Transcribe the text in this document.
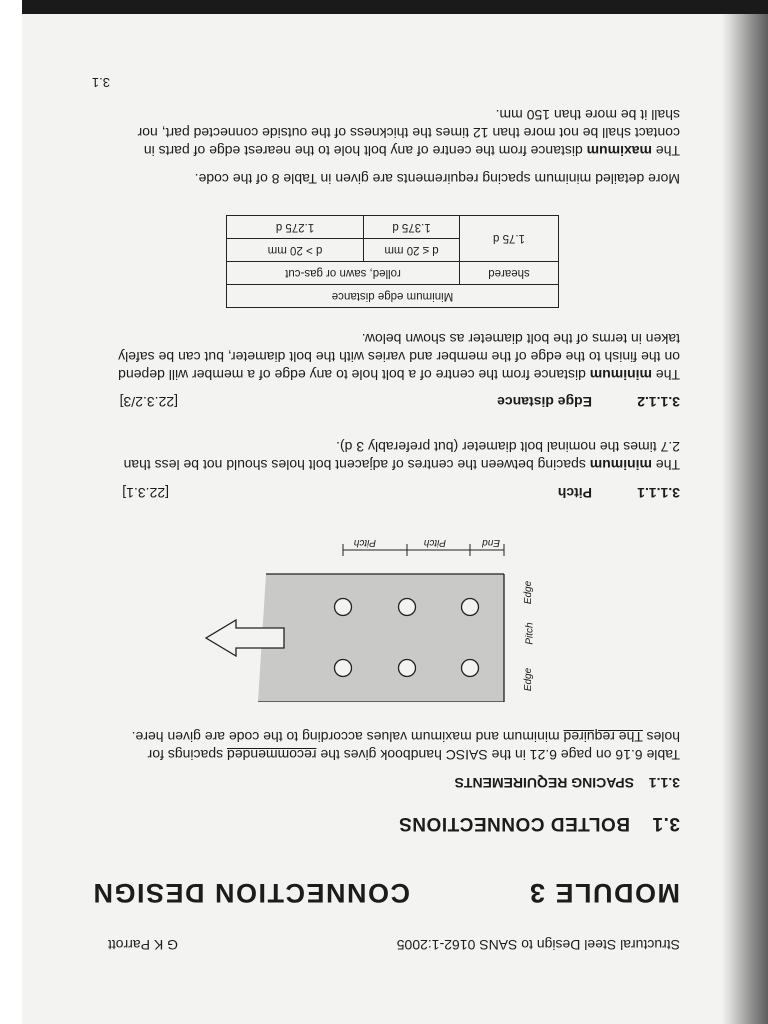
Structural Steel Design to SANS 0162-1:2005
G K Parrott
MODULE 3
CONNECTION DESIGN
3.1
BOLTED CONNECTIONS
3.1.1
SPACING REQUIREMENTS
Table 6.16 on page 6.21 in the SAISC handbook gives the recommended spacings for
holes The required minimum and maximum values according to the code are given here.
Edge
Pitch
Edge
End
Pitch
Pitch
3.1.1.1
Pitch
[22.3.1]
The minimum spacing between the centres of adjacent bolt holes should not be less than
2.7 times the nominal bolt diameter (but preferably 3 d).
3.1.1.2
Edge distance
[22.3.2/3]
The minimum distance from the centre of a bolt hole to any edge of a member will depend
on the finish to the edge of the member and varies with the bolt diameter, but can be safely
taken in terms of the bolt diameter as shown below.
Minimum edge distance		
sheared	rolled, sawn or gas-cut	
1.75 d	d ≤ 20 mm	d > 20 mm
	1.375 d	1.275 d
More detailed minimum spacing requirements are given in Table 8 of the code.
The maximum distance from the centre of any bolt hole to the nearest edge of parts in
contact shall be not more than 12 times the thickness of the outside connected part, nor
shall it be more than 150 mm.
3.1
